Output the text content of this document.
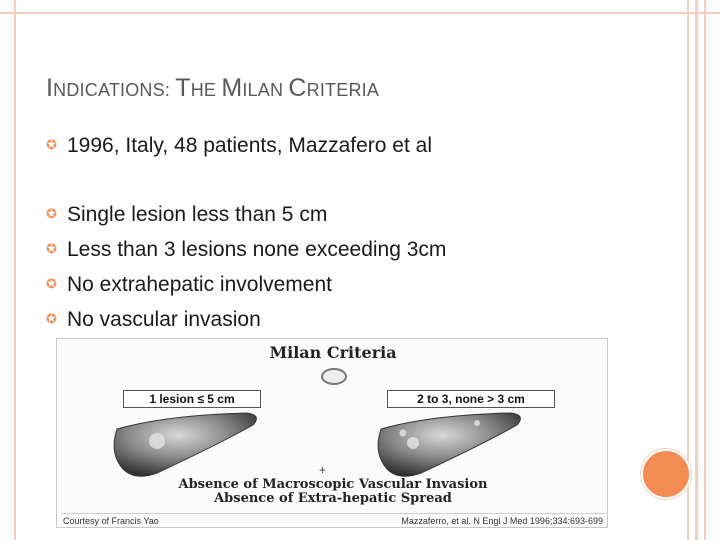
INDICATIONS: THE MILAN CRITERIA
✪ 1996, Italy, 48 patients, Mazzafero et al
✪ Single lesion less than 5 cm
✪ Less than 3 lesions none exceeding 3cm
✪ No extrahepatic involvement
✪ No vascular invasion
Milan Criteria
1 lesion ≤ 5 cm	2 to 3, none > 3 cm
+
Absence of Macroscopic Vascular Invasion
Absence of Extra-hepatic Spread
Courtesy of Francis Yao	Mazzaferro, et al. N Engl J Med 1996;334:693-699
